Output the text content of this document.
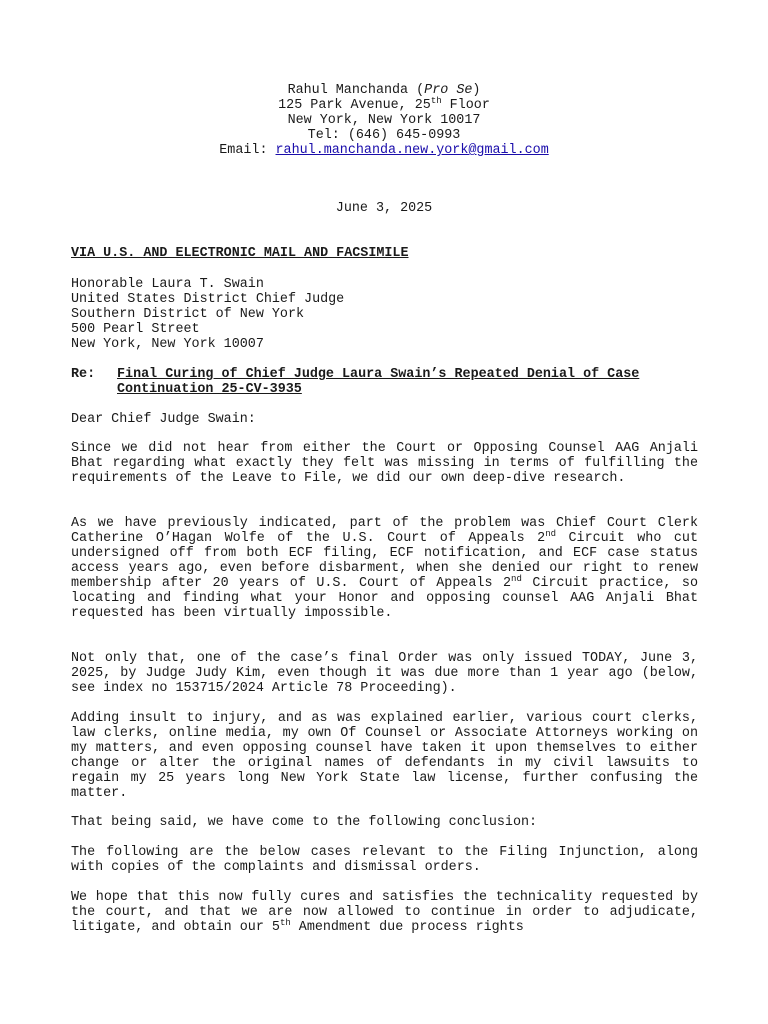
Rahul Manchanda (Pro Se)
125 Park Avenue, 25th Floor
New York, New York 10017
Tel: (646) 645-0993
Email: rahul.manchanda.new.york@gmail.com
June 3, 2025
VIA U.S. AND ELECTRONIC MAIL AND FACSIMILE
Honorable Laura T. Swain
United States District Chief Judge
Southern District of New York
500 Pearl Street
New York, New York 10007
Re: Final Curing of Chief Judge Laura Swain’s Repeated Denial of Case
Continuation 25-CV-3935
Dear Chief Judge Swain:
Since we did not hear from either the Court or Opposing Counsel AAG Anjali Bhat regarding what exactly they felt was missing in terms of fulfilling the requirements of the Leave to File, we did our own deep-dive research.
As we have previously indicated, part of the problem was Chief Court Clerk Catherine O’Hagan Wolfe of the U.S. Court of Appeals 2nd Circuit who cut undersigned off from both ECF filing, ECF notification, and ECF case status access years ago, even before disbarment, when she denied our right to renew membership after 20 years of U.S. Court of Appeals 2nd Circuit practice, so locating and finding what your Honor and opposing counsel AAG Anjali Bhat requested has been virtually impossible.
Not only that, one of the case’s final Order was only issued TODAY, June 3, 2025, by Judge Judy Kim, even though it was due more than 1 year ago (below, see index no 153715/2024 Article 78 Proceeding).
Adding insult to injury, and as was explained earlier, various court clerks, law clerks, online media, my own Of Counsel or Associate Attorneys working on my matters, and even opposing counsel have taken it upon themselves to either change or alter the original names of defendants in my civil lawsuits to regain my 25 years long New York State law license, further confusing the matter.
That being said, we have come to the following conclusion:
The following are the below cases relevant to the Filing Injunction, along with copies of the complaints and dismissal orders.
We hope that this now fully cures and satisfies the technicality requested by the court, and that we are now allowed to continue in order to adjudicate, litigate, and obtain our 5th Amendment due process rights
